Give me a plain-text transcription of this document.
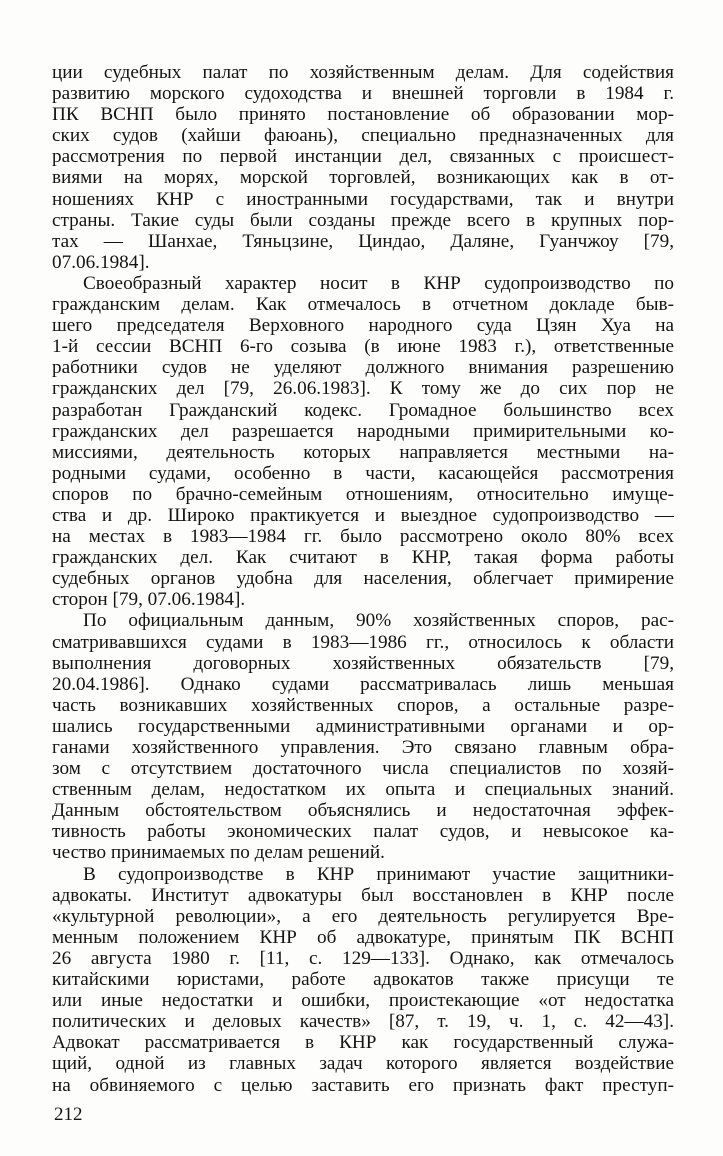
ции судебных палат по хозяйственным делам. Для содействия
развитию морского судоходства и внешней торговли в 1984 г.
ПК ВСНП было принято постановление об образовании мор-
ских судов (хайши фаюань), специально предназначенных для
рассмотрения по первой инстанции дел, связанных с происшест-
виями на морях, морской торговлей, возникающих как в от-
ношениях КНР с иностранными государствами, так и внутри
страны. Такие суды были созданы прежде всего в крупных пор-
тах — Шанхае, Тяньцзине, Циндао, Даляне, Гуанчжоу [79,
07.06.1984].
Своеобразный характер носит в КНР судопроизводство по
гражданским делам. Как отмечалось в отчетном докладе быв-
шего председателя Верховного народного суда Цзян Хуа на
1-й сессии ВСНП 6-го созыва (в июне 1983 г.), ответственные
работники судов не уделяют должного внимания разрешению
гражданских дел [79, 26.06.1983]. К тому же до сих пор не
разработан Гражданский кодекс. Громадное большинство всех
гражданских дел разрешается народными примирительными ко-
миссиями, деятельность которых направляется местными на-
родными судами, особенно в части, касающейся рассмотрения
споров по брачно-семейным отношениям, относительно имуще-
ства и др. Широко практикуется и выездное судопроизводство —
на местах в 1983—1984 гг. было рассмотрено около 80% всех
гражданских дел. Как считают в КНР, такая форма работы
судебных органов удобна для населения, облегчает примирение
сторон [79, 07.06.1984].
По официальным данным, 90% хозяйственных споров, рас-
сматривавшихся судами в 1983—1986 гг., относилось к области
выполнения договорных хозяйственных обязательств [79,
20.04.1986]. Однако судами рассматривалась лишь меньшая
часть возникавших хозяйственных споров, а остальные разре-
шались государственными административными органами и ор-
ганами хозяйственного управления. Это связано главным обра-
зом с отсутствием достаточного числа специалистов по хозяй-
ственным делам, недостатком их опыта и специальных знаний.
Данным обстоятельством объяснялись и недостаточная эффек-
тивность работы экономических палат судов, и невысокое ка-
чество принимаемых по делам решений.
В судопроизводстве в КНР принимают участие защитники-
адвокаты. Институт адвокатуры был восстановлен в КНР после
«культурной революции», а его деятельность регулируется Вре-
менным положением КНР об адвокатуре, принятым ПК ВСНП
26 августа 1980 г. [11, с. 129—133]. Однако, как отмечалось
китайскими юристами, работе адвокатов также присущи те
или иные недостатки и ошибки, проистекающие «от недостатка
политических и деловых качеств» [87, т. 19, ч. 1, с. 42—43].
Адвокат рассматривается в КНР как государственный служа-
щий, одной из главных задач которого является воздействие
на обвиняемого с целью заставить его признать факт преступ-
212
